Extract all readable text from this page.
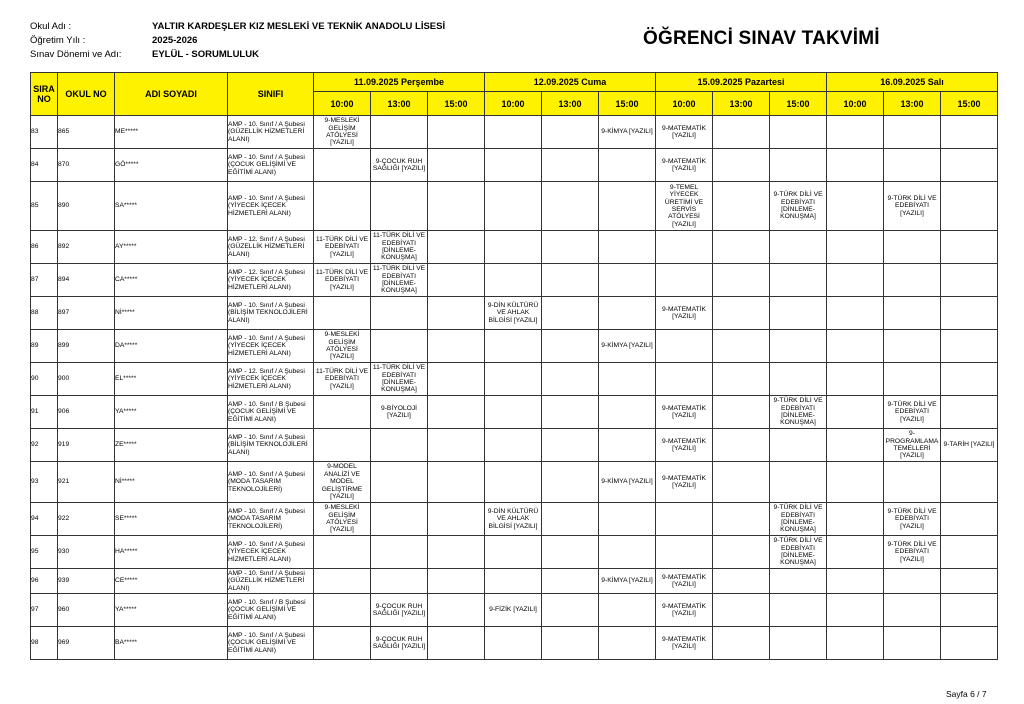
Okul Adı :	YALTIR KARDEŞLER KIZ MESLEKİ VE TEKNİK ANADOLU LİSESİ
Öğretim Yılı :	2025-2026
Sınav Dönemi ve Adı:	EYLÜL - SORUMLULUK
ÖĞRENCİ SINAV TAKVİMİ
SIRA NO	OKUL NO	ADI SOYADI	SINIFI	11.09.2025 Perşembe			12.09.2025 Cuma			15.09.2025 Pazartesi			16.09.2025 Salı		
				10:00	13:00	15:00	10:00	13:00	15:00	10:00	13:00	15:00	10:00	13:00	15:00
83	865	ME*****	AMP - 10. Sınıf / A Şubesi (GÜZELLİK HİZMETLERİ ALANI)	9-MESLEKİ GELİŞİM ATÖLYESİ [YAZILI]					9-KİMYA [YAZILI]	9-MATEMATİK [YAZILI]					
84	870	GÖ*****	AMP - 10. Sınıf / A Şubesi (ÇOCUK GELİŞİMİ VE EĞİTİMİ ALANI)		9-ÇOCUK RUH SAĞLIĞI [YAZILI]					9-MATEMATİK [YAZILI]					
85	890	SA*****	AMP - 10. Sınıf / A Şubesi (YİYECEK İÇECEK HİZMETLERİ ALANI)							9-TEMEL YİYECEK ÜRETİMİ VE SERVİS ATÖLYESİ [YAZILI]		9-TÜRK DİLİ VE EDEBİYATI [DİNLEME-KONUŞMA]		9-TÜRK DİLİ VE EDEBİYATI [YAZILI]	
86	892	AY*****	AMP - 12. Sınıf / A Şubesi (GÜZELLİK HİZMETLERİ ALANI)	11-TÜRK DİLİ VE EDEBİYATI [YAZILI]	11-TÜRK DİLİ VE EDEBİYATI [DİNLEME-KONUŞMA]										
87	894	CA*****	AMP - 12. Sınıf / A Şubesi (YİYECEK İÇECEK HİZMETLERİ ALANI)	11-TÜRK DİLİ VE EDEBİYATI [YAZILI]	11-TÜRK DİLİ VE EDEBİYATI [DİNLEME-KONUŞMA]										
88	897	Nİ*****	AMP - 10. Sınıf / A Şubesi (BİLİŞİM TEKNOLOJİLERİ ALANI)				9-DİN KÜLTÜRÜ VE AHLAK BİLGİSİ [YAZILI]			9-MATEMATİK [YAZILI]					
89	899	DA*****	AMP - 10. Sınıf / A Şubesi (YİYECEK İÇECEK HİZMETLERİ ALANI)	9-MESLEKİ GELİŞİM ATÖLYESİ [YAZILI]					9-KİMYA [YAZILI]						
90	900	EL*****	AMP - 12. Sınıf / A Şubesi (YİYECEK İÇECEK HİZMETLERİ ALANI)	11-TÜRK DİLİ VE EDEBİYATI [YAZILI]	11-TÜRK DİLİ VE EDEBİYATI [DİNLEME-KONUŞMA]										
91	906	YA*****	AMP - 10. Sınıf / B Şubesi (ÇOCUK GELİŞİMİ VE EĞİTİMİ ALANI)		9-BİYOLOJİ [YAZILI]					9-MATEMATİK [YAZILI]		9-TÜRK DİLİ VE EDEBİYATI [DİNLEME-KONUŞMA]		9-TÜRK DİLİ VE EDEBİYATI [YAZILI]	
92	919	ZE*****	AMP - 10. Sınıf / A Şubesi (BİLİŞİM TEKNOLOJİLERİ ALANI)							9-MATEMATİK [YAZILI]				9-PROGRAMLAMA TEMELLERİ [YAZILI]	9-TARİH [YAZILI]
93	921	Nİ*****	AMP - 10. Sınıf / A Şubesi (MODA TASARIM TEKNOLOJİLERİ)	9-MODEL ANALİZİ VE MODEL GELİŞTİRME [YAZILI]					9-KİMYA [YAZILI]	9-MATEMATİK [YAZILI]					
94	922	SE*****	AMP - 10. Sınıf / A Şubesi (MODA TASARIM TEKNOLOJİLERİ)	9-MESLEKİ GELİŞİM ATÖLYESİ [YAZILI]			9-DİN KÜLTÜRÜ VE AHLAK BİLGİSİ [YAZILI]					9-TÜRK DİLİ VE EDEBİYATI [DİNLEME-KONUŞMA]		9-TÜRK DİLİ VE EDEBİYATI [YAZILI]	
95	930	HA*****	AMP - 10. Sınıf / A Şubesi (YİYECEK İÇECEK HİZMETLERİ ALANI)									9-TÜRK DİLİ VE EDEBİYATI [DİNLEME-KONUŞMA]		9-TÜRK DİLİ VE EDEBİYATI [YAZILI]	
96	939	CE*****	AMP - 10. Sınıf / A Şubesi (GÜZELLİK HİZMETLERİ ALANI)						9-KİMYA [YAZILI]	9-MATEMATİK [YAZILI]					
97	960	YA*****	AMP - 10. Sınıf / B Şubesi (ÇOCUK GELİŞİMİ VE EĞİTİMİ ALANI)		9-ÇOCUK RUH SAĞLIĞI [YAZILI]		9-FİZİK [YAZILI]			9-MATEMATİK [YAZILI]					
98	969	BA*****	AMP - 10. Sınıf / A Şubesi (ÇOCUK GELİŞİMİ VE EĞİTİMİ ALANI)		9-ÇOCUK RUH SAĞLIĞI [YAZILI]					9-MATEMATİK [YAZILI]					
Sayfa 6 / 7
